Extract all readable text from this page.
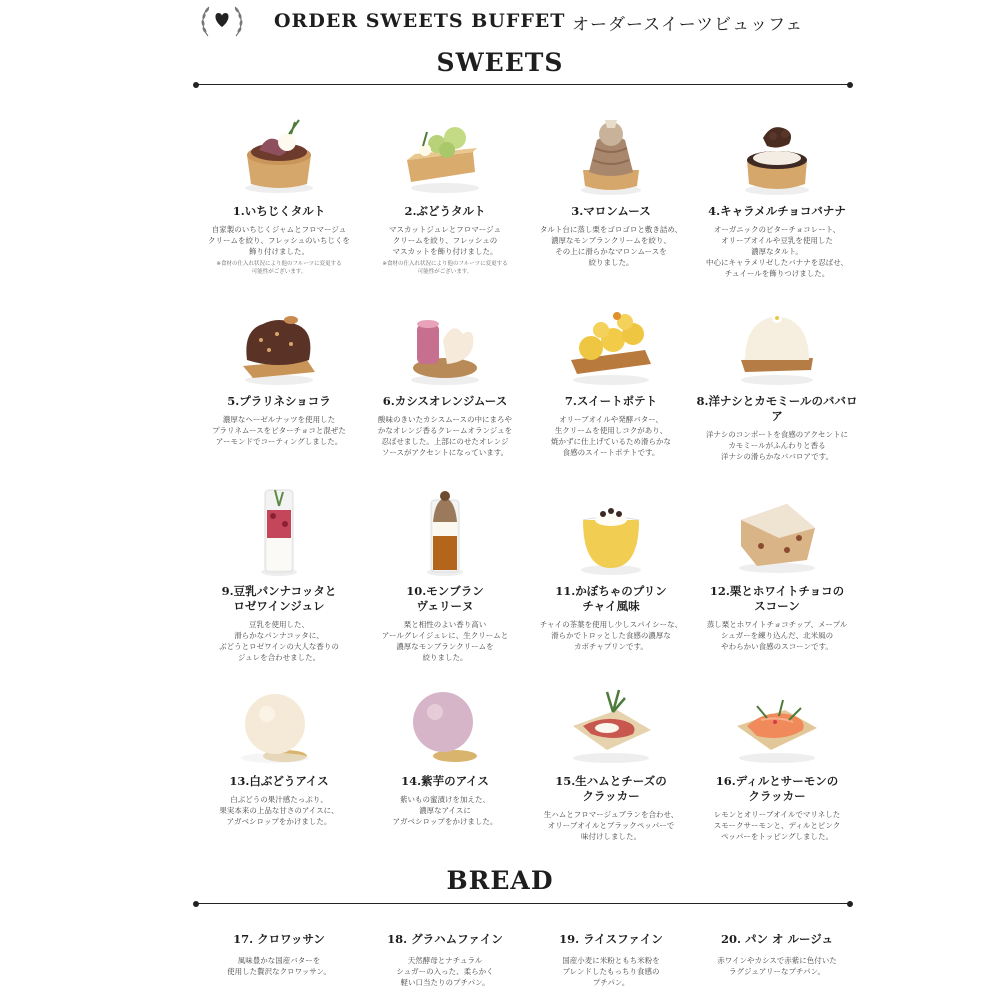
ORDER SWEETS BUFFET オーダースイーツビュッフェ
SWEETS
1.いちじくタルト
自家製のいちじくジャムとフロマージュ
クリームを絞り、フレッシュのいちじくを
飾り付けました。
※食材の仕入れ状況により他のフルーツに変更する
可能性がございます。
2.ぶどうタルト
マスカットジュレとフロマージュ
クリームを絞り、フレッシュの
マスカットを飾り付けました。
※食材の仕入れ状況により他のフルーツに変更する
可能性がございます。
3.マロンムース
タルト台に蒸し栗をゴロゴロと敷き詰め、
濃厚なモンブランクリームを絞り、
その上に滑らかなマロンムースを
絞りました。
4.キャラメルチョコバナナ
オーガニックのビターチョコレート、
オリーブオイルや豆乳を使用した
濃厚なタルト。
中心にキャラメリゼしたバナナを忍ばせ、
チュイールを飾りつけました。
5.プラリネショコラ
濃厚なヘーゼルナッツを使用した
プラリネムースをビターチョコと混ぜた
アーモンドでコーティングしました。
6.カシスオレンジムース
酸味のきいたカシスムースの中にまろや
かなオレンジ香るクレームオランジュを
忍ばせました。上部にのせたオレンジ
ソースがアクセントになっています。
7.スイートポテト
オリーブオイルや発酵バター、
生クリームを使用しコクがあり、
焼かずに仕上げているため滑らかな
食感のスイートポテトです。
8.洋ナシとカモミールのババロア
洋ナシのコンポートを食感のアクセントに
カモミールがふんわりと香る
洋ナシの滑らかなババロアです。
9.豆乳パンナコッタと
ロゼワインジュレ
豆乳を使用した、
滑らかなパンナコッタに、
ぶどうとロゼワインの大人な香りの
ジュレを合わせました。
10.モンブラン
ヴェリーヌ
栗と相性のよい香り高い
アールグレイジュレに、生クリームと
濃厚なモンブランクリームを
絞りました。
11.かぼちゃのプリン
チャイ風味
チャイの茶葉を使用し少しスパイシーな、
滑らかでトロッとした食感の濃厚な
カボチャプリンです。
12.栗とホワイトチョコの
スコーン
蒸し栗とホワイトチョコチップ、メープル
シュガーを練り込んだ、北米風の
やわらかい食感のスコーンです。
13.白ぶどうアイス
白ぶどうの果汁感たっぷり、
果実本来の上品な甘さのアイスに、
アガベシロップをかけました。
14.紫芋のアイス
紫いもの蜜漬けを加えた、
濃厚なアイスに
アガベシロップをかけました。
15.生ハムとチーズの
クラッカー
生ハムとフロマージュブランを合わせ、
オリーブオイルとブラックペッパーで
味付けしました。
16.ディルとサーモンの
クラッカー
レモンとオリーブオイルでマリネした
スモークサーモンと、ディルとピンク
ペッパーをトッピングしました。
BREAD
17. クロワッサン
風味豊かな国産バターを
使用した贅沢なクロワッサン。
18. グラハムファイン
天然酵母とナチュラル
シュガーの入った、柔らかく
軽い口当たりのプチパン。
19. ライスファイン
国産小麦に米粉ともち米粉を
ブレンドしたもっちり食感の
プチパン。
20. パン オ ルージュ
赤ワインやカシスで赤紫に色付いた
ラグジュアリーなプチパン。
